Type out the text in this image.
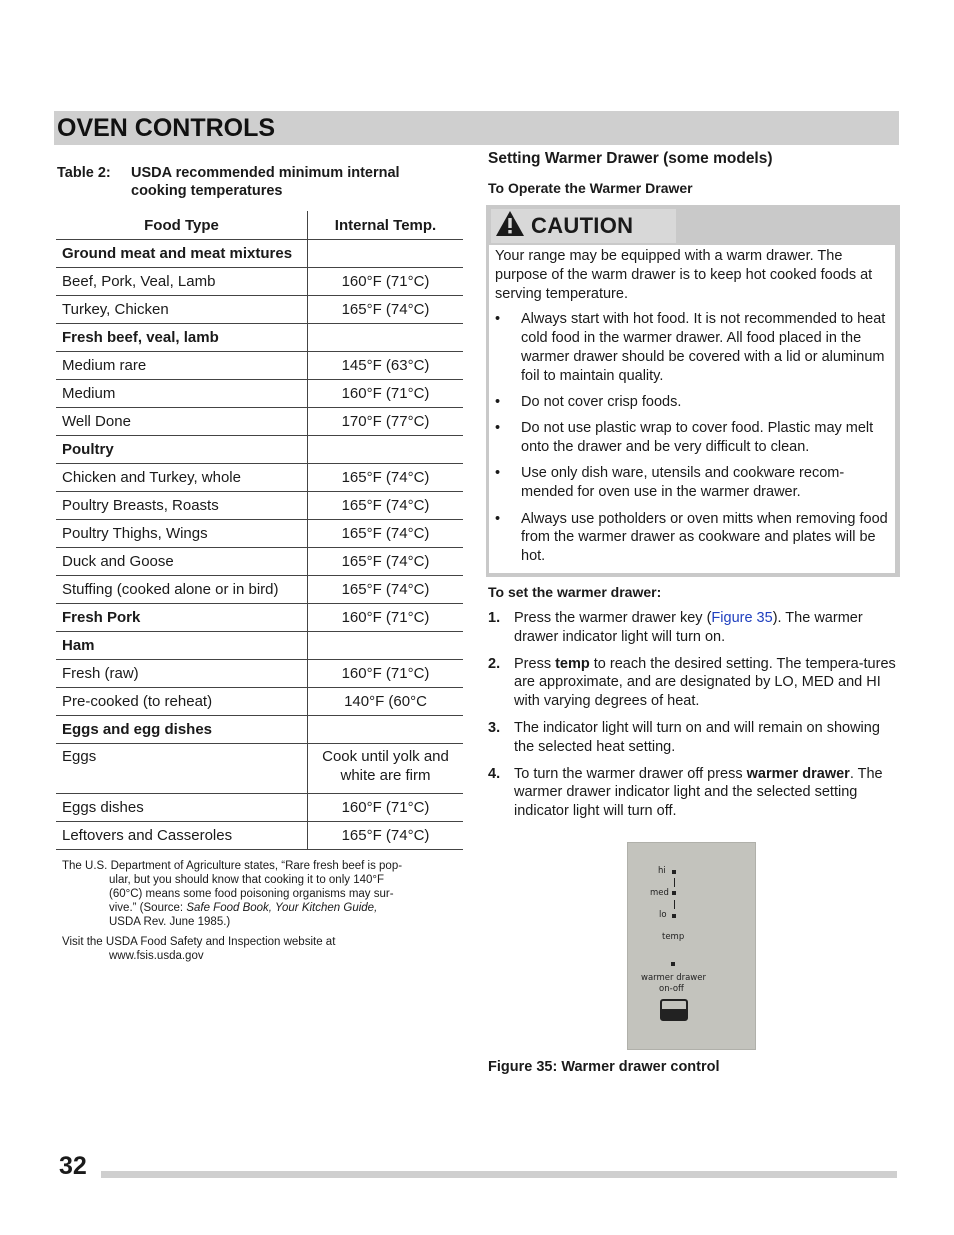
OVEN CONTROLS
Table 2: USDA recommended minimum internal cooking temperatures
Food Type	Internal Temp.
Ground meat and meat mixtures	
Beef, Pork, Veal, Lamb	160°F (71°C)
Turkey, Chicken	165°F (74°C)
Fresh beef, veal, lamb	
Medium rare	145°F (63°C)
Medium	160°F (71°C)
Well Done	170°F (77°C)
Poultry	
Chicken and Turkey, whole	165°F (74°C)
Poultry Breasts, Roasts	165°F (74°C)
Poultry Thighs, Wings	165°F (74°C)
Duck and Goose	165°F (74°C)
Stuffing (cooked alone or in bird)	165°F (74°C)
Fresh Pork	160°F (71°C)
Ham	
Fresh (raw)	160°F (71°C)
Pre-cooked (to reheat)	140°F (60°C
Eggs and egg dishes	
Eggs	Cook until yolk and white are firm
Eggs dishes	160°F (71°C)
Leftovers and Casseroles	165°F (74°C)
The U.S. Department of Agriculture states, “Rare fresh beef is pop-
ular, but you should know that cooking it to only 140°F
(60°C) means some food poisoning organisms may sur-
vive.” (Source: Safe Food Book, Your Kitchen Guide,
USDA Rev. June 1985.)
Visit the USDA Food Safety and Inspection website at
www.fsis.usda.gov
Setting Warmer Drawer (some models)
To Operate the Warmer Drawer
CAUTION

Your range may be equipped with a warm drawer. The purpose of the warm drawer is to keep hot cooked foods at serving temperature.

• Always start with hot food. It is not recommended to heat cold food in the warmer drawer. All food placed in the warmer drawer should be covered with a lid or aluminum foil to maintain quality.
• Do not cover crisp foods.
• Do not use plastic wrap to cover food. Plastic may melt onto the drawer and be very difficult to clean.
• Use only dish ware, utensils and cookware recom-mended for oven use in the warmer drawer.
• Always use potholders or oven mitts when removing food from the warmer drawer as cookware and plates will be hot.
To set the warmer drawer:
1. Press the warmer drawer key (Figure 35). The warmer drawer indicator light will turn on.
2. Press temp to reach the desired setting. The tempera-tures are approximate, and are designated by LO, MED and HI with varying degrees of heat.
3. The indicator light will turn on and will remain on showing the selected heat setting.
4. To turn the warmer drawer off press warmer drawer. The warmer drawer indicator light and the selected setting indicator light will turn off.
hi
med
lo
temp
warmer drawer
on-off
Figure 35: Warmer drawer control
32
